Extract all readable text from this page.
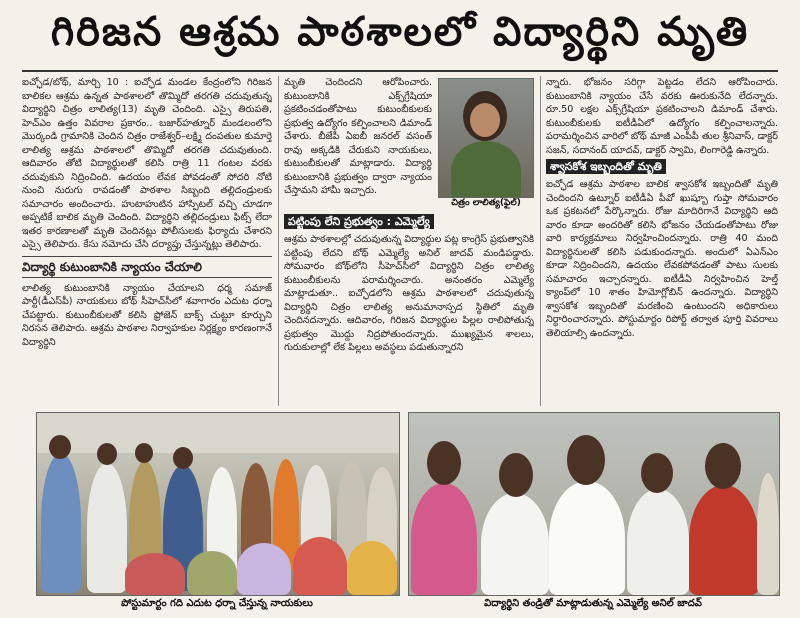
గిరిజన ఆశ్రమ పాఠశాలలో విద్యార్థిని మృతి

ఐచ్ఛోడ/బోథ్, మార్చి 10 : ఐచ్ఛోడ మండల కేంద్రంలోని గిరిజన బాలికల ఆశ్రమ ఉన్నత పాఠశాలలో తొమ్మిదో తరగతి చదువుతున్న విద్యార్థిని చిత్రం లాలిత్య(13) మృతి చెందింది. ఎస్సై తిరుపతి, హెచ్‌ఎం ఉత్తం వివరాల ప్రకారం.. బజార్‌హత్నూర్ మండలంలోని మొర్కండి గ్రామానికి చెందిన చిత్రం రాజేశ్వర్–లక్ష్మి దంపతుల కుమార్తె లాలిత్య ఆశ్రమ పాఠశాలలో తొమ్మిదో తరగతి చదువుతుంది. ఆదివారం తోటి విద్యార్థులతో కలిసి రాత్రి 11 గంటల వరకు చదువుకుని నిద్రించింది. ఉదయం లేవక పోవడంతో సోదరి నోటి నుంచి నురుగు రావడంతో పాఠశాల సిబ్బంది తల్లిదండ్రులకు సమాచారం అందించారు. హుటాహుటిన హాస్పిటల్ వచ్చి చూడగా అప్పటికే బాలిక మృతి చెందింది. విద్యార్థిని తల్లిదండ్రులు ఫిట్స్ లేదా ఇతర కారణాలతో మృతి చెందినట్లు పోలీసులకు ఫిర్యాదు చేశారని ఎస్సై తెలిపారు. కేసు నమోదు చేసి దర్యాప్తు చేస్తున్నట్లు తెలిపారు.

విద్యార్థి కుటుంబానికి న్యాయం చేయాలి

లాలిత్య కుటుంబానికి న్యాయం చేయాలని ధర్మ సమాజ్ పార్టీ(డీఎస్‌పీ) నాయకులు బోథ్ సీహెచ్‌సీలో శవాగారం ఎదుట ధర్నా చేపట్టారు. కుటుంబీకులతో కలిసి ఫ్రోజెన్ బాక్స్ చుట్టూ కూర్చుని నిరసన తెలిపారు. ఆశ్రమ పాఠశాల నిర్వాహకుల నిర్లక్ష్యం కారణంగానే విద్యార్థిని

మృతి చెందిందని ఆరోపించారు. కుటుంబానికి ఎక్స్‌గ్రేషియా ప్రకటించడంతోపాటు కుటుంబీకులకు ప్రభుత్వ ఉద్యోగం కల్పించాలని డిమాండ్ చేశారు. బీజేపీ ఏఐబీ జనరల్ వసంత్ రావు అక్కడికి చేరుకుని నాయకులు, కుటుంబీకులతో మాట్లాడారు. విద్యార్థి కుటుంబానికి ప్రభుత్వం ద్వారా న్యాయం చేస్తామని హామీ ఇచ్చారు.

చిత్రం లాలిత్య(ఫైల్)
పట్టింపు లేని ప్రభుత్వం : ఎమ్మెల్యే

ఆశ్రమ పాఠశాలల్లో చదువుతున్న విద్యార్థుల పట్ల కాంగ్రెస్ ప్రభుత్వానికి పట్టింపు లేదని బోథ్ ఎమ్మెల్యే అనిల్ జాదవ్ మండిపడ్డారు. సోమవారం బోథ్‌లోని సీహెచ్‌సీలో విద్యార్థిని చిత్రం లాలిత్య కుటుంబీకులను పరామర్శించారు. అనంతరం ఎమ్మెల్యే మాట్లాడుతూ.. ఐచ్ఛోడలోని ఆశ్రమ పాఠశాలలో చదువుతున్న విద్యార్థిని చిత్రం లాలిత్య అనుమానాస్పద స్థితిలో మృతి చెందినదన్నారు. ఆదివారం, గిరిజన విద్యార్థుల పిల్లల రాలిపోతున్న ప్రభుత్వం మొద్దు నిద్రపోతుందన్నారు. ముఖ్యమైన శాలలు, గురుకులాల్లో లేక పిల్లలు అవస్థలు పడుతున్నారని

న్నారు. భోజనం సరిగ్గా పెట్టడం లేదని ఆరోపించారు. కుటుంబానికి న్యాయం చేసే వరకు ఊరుకునేది లేదన్నారు. రూ.50 లక్షల ఎక్స్‌గ్రేషియా ప్రకటించాలని డిమాండ్ చేశారు. కుటుంబీకులకు ఐటీడీఏలో ఉద్యోగం కల్పించాలన్నారు. పరామర్శించిన వారిలో బోథ్ మాజీ ఎంపీపీ తుల శ్రీనివాస్, డాక్టర్ సజన్, సదానంద్ యాదవ్, డాక్టర్ స్వామి, లింగారెడ్డి ఉన్నారు.

శ్వాసకోశ ఇబ్బందితో మృతి

ఐచ్ఛోడ ఆశ్రమ పాఠశాల బాలిక శ్వాసకోశ ఇబ్బందితో మృతి చెందిందని ఉట్నూర్ ఐటీడీఏ పీవో ఖుష్బూ గుప్తా సోమవారం ఒక ప్రకటనలో పేర్కొన్నారు. రోజు మాదిరిగానే విద్యార్థిని ఆది వారం కూడా అందరితో కలిసి భోజనం చేయడంతోపాటు రోజు వారి కార్యక్రమాలు నిర్వహించిందన్నారు. రాత్రి 40 మంది విద్యార్థినులతో కలిసి పడుకుందన్నారు. అందులో ఏఎన్‌ఎం కూడా నిద్రించిందని, ఉదయం లేవకపోవడంతో పాటు సులకు సమాచారం ఇచ్చారన్నారు. ఐటీడీఏ నిర్వహించిన హెల్త్ క్యాంప్‌లో 10 శాతం హిమోగ్లోబిన్ ఉందన్నారు. విద్యార్థిని శ్వాసకోశ ఇబ్బందితో మరణించి ఉంటుందని అధికారులు నిర్ధారించారన్నారు. పోస్టుమార్టం రిపోర్ట్ తర్వాత పూర్తి వివరాలు తెలియాల్సి ఉందన్నారు.

పోస్టుమార్టం గది ఎదుట ధర్నా చేస్తున్న నాయకులు	విద్యార్థిని తండ్రితో మాట్లాడుతున్న ఎమ్మెల్యే అనిల్ జాదవ్
